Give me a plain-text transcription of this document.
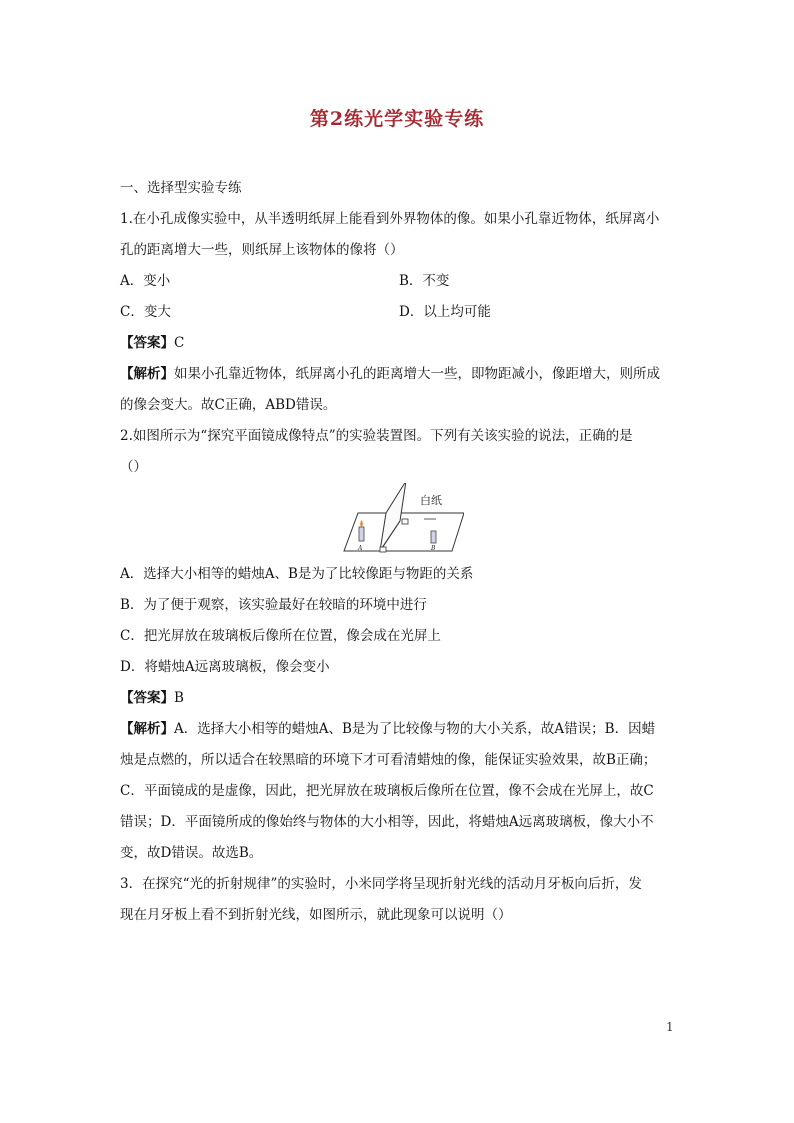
第2练光学实验专练
一、选择型实验专练
1.在小孔成像实验中，从半透明纸屏上能看到外界物体的像。如果小孔靠近物体，纸屏离小
孔的距离增大一些，则纸屏上该物体的像将（）
A．变小	B．不变
C．变大	D．以上均可能
【答案】C
【解析】如果小孔靠近物体，纸屏离小孔的距离增大一些，即物距减小，像距增大，则所成
的像会变大。故C正确，ABD错误。
2.如图所示为“探究平面镜成像特点”的实验装置图。下列有关该实验的说法，正确的是
（）
白纸
A	B
A．选择大小相等的蜡烛A、B是为了比较像距与物距的关系
B．为了便于观察，该实验最好在较暗的环境中进行
C．把光屏放在玻璃板后像所在位置，像会成在光屏上
D．将蜡烛A远离玻璃板，像会变小
【答案】B
【解析】A．选择大小相等的蜡烛A、B是为了比较像与物的大小关系，故A错误；B．因蜡
烛是点燃的，所以适合在较黑暗的环境下才可看清蜡烛的像，能保证实验效果，故B正确；
C．平面镜成的是虚像，因此，把光屏放在玻璃板后像所在位置，像不会成在光屏上，故C
错误；D．平面镜所成的像始终与物体的大小相等，因此，将蜡烛A远离玻璃板，像大小不
变，故D错误。故选B。
3．在探究“光的折射规律”的实验时，小米同学将呈现折射光线的活动月牙板向后折，发
现在月牙板上看不到折射光线，如图所示，就此现象可以说明（）
1
